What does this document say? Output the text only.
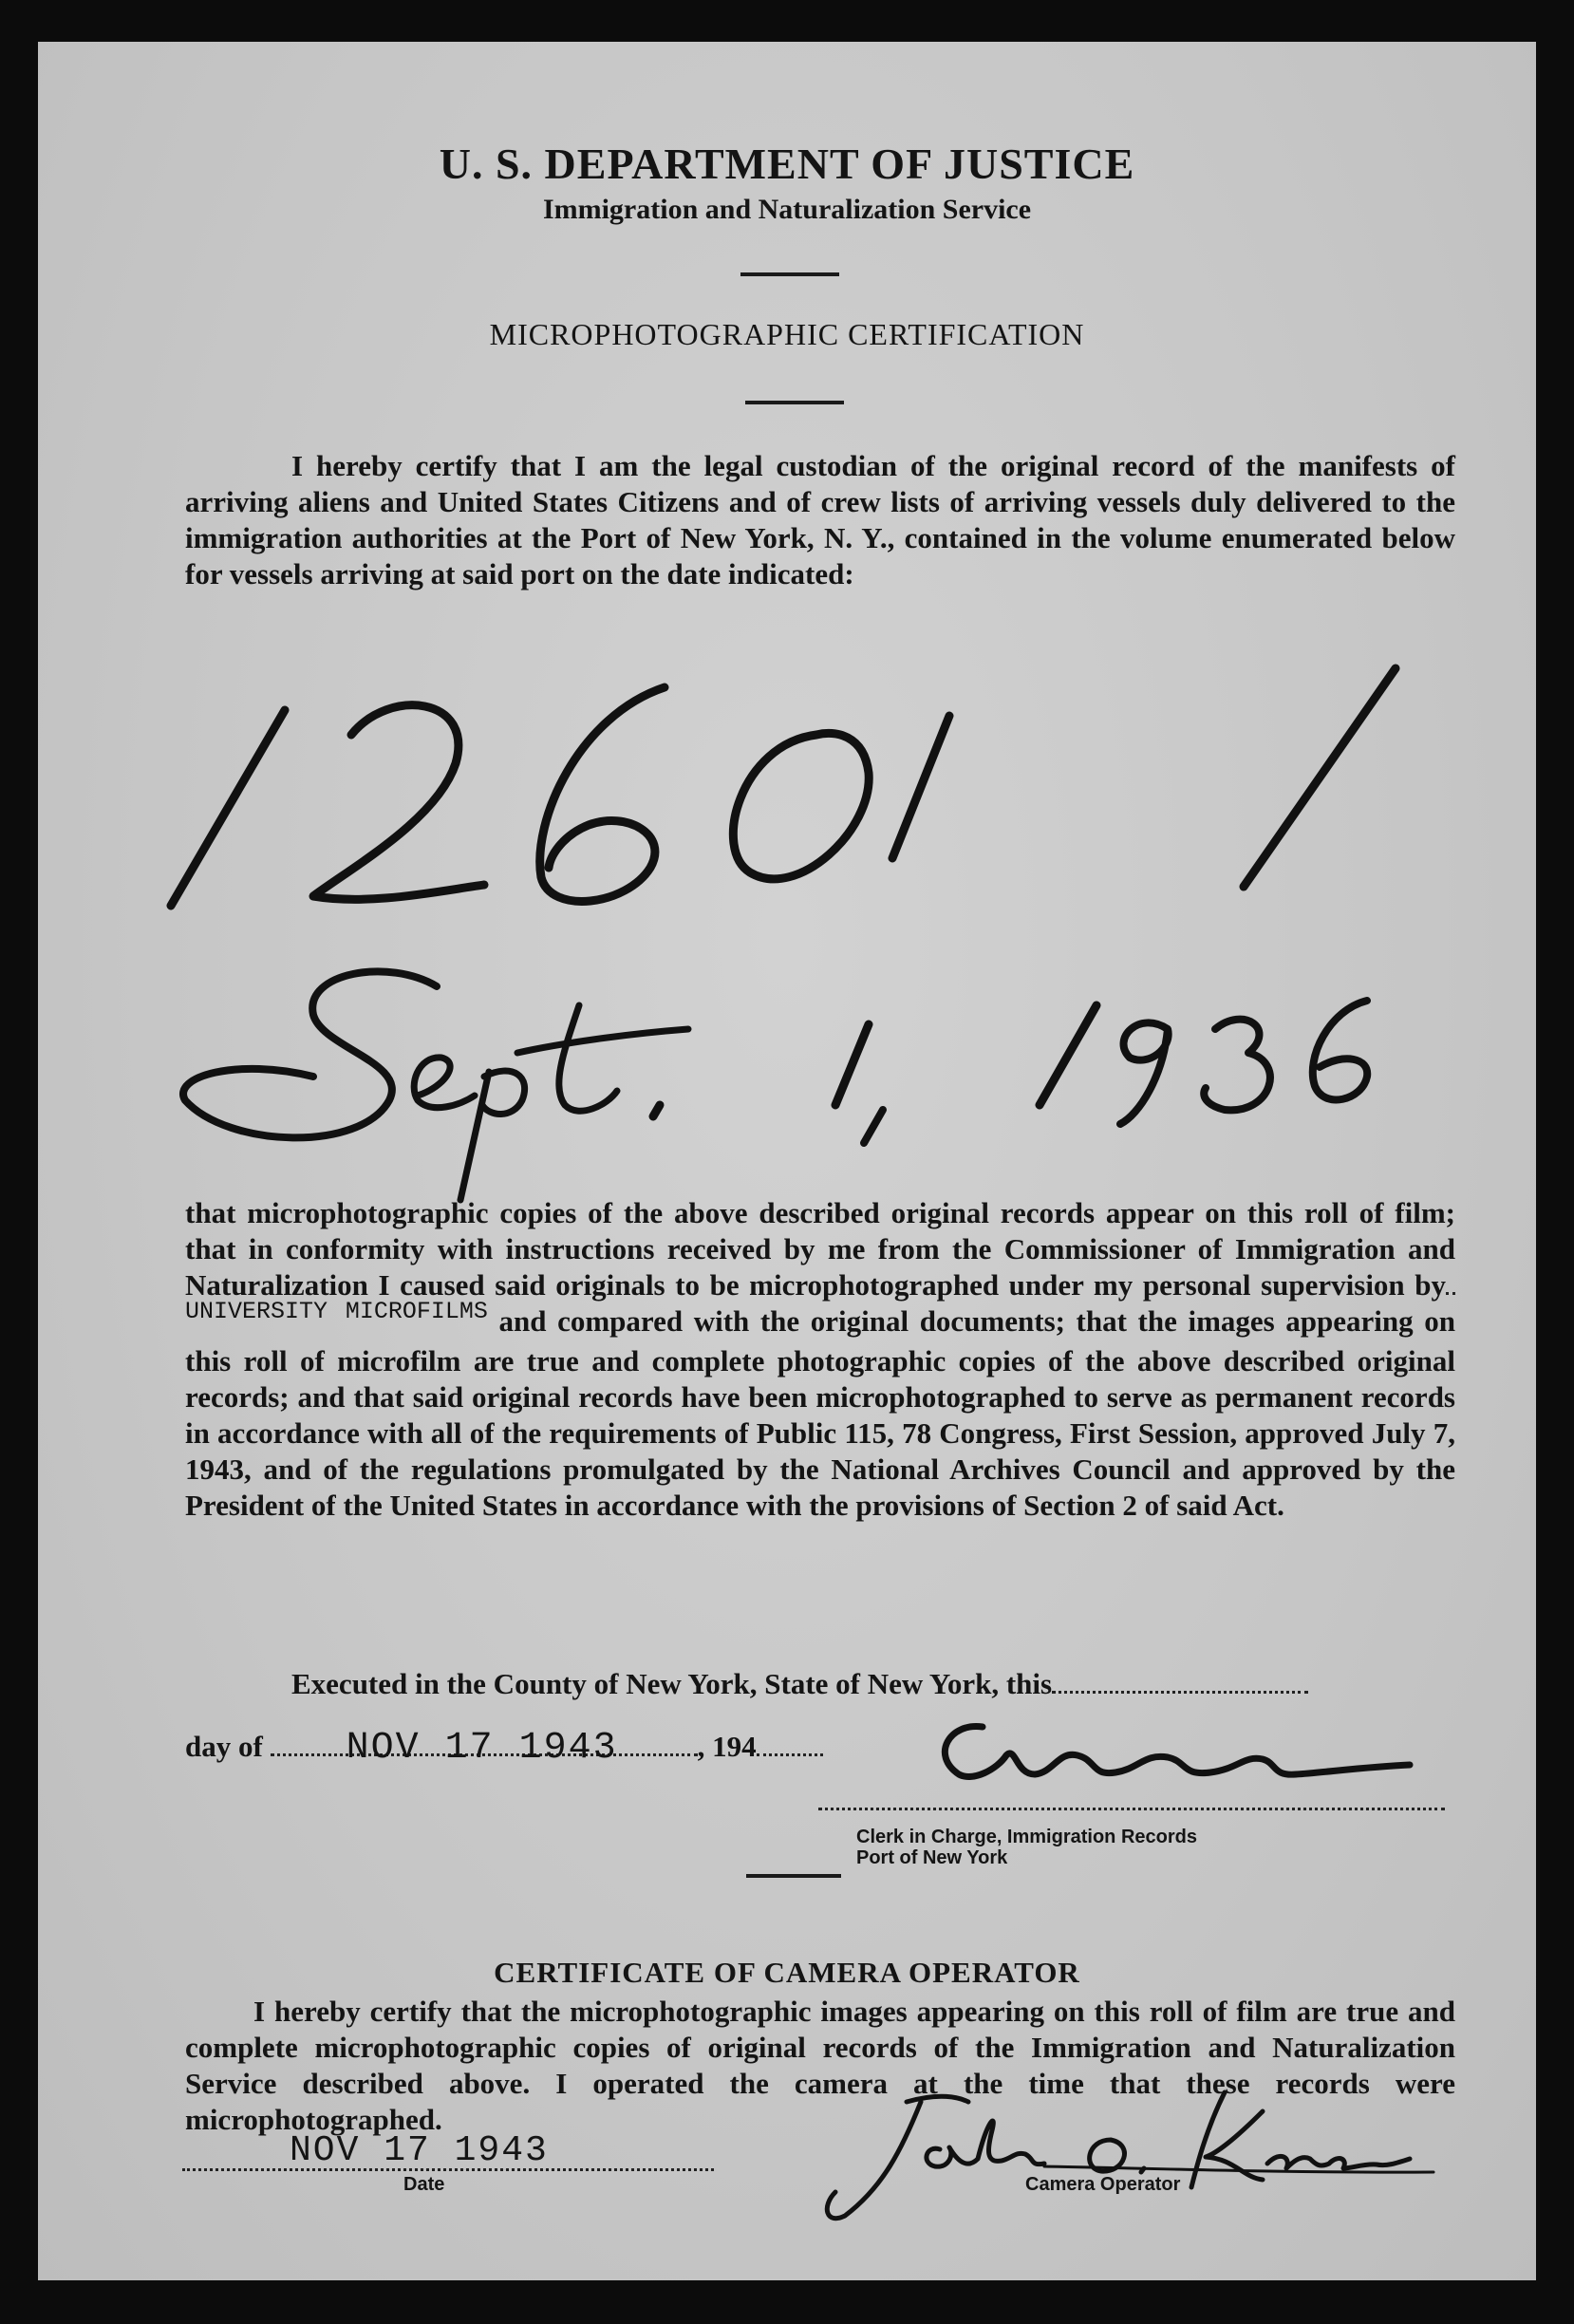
U. S. DEPARTMENT OF JUSTICE
Immigration and Naturalization Service
MICROPHOTOGRAPHIC CERTIFICATION
I hereby certify that I am the legal custodian of the original record of the manifests of arriving aliens and United States Citizens and of crew lists of arriving vessels duly delivered to the immigration authorities at the Port of New York, N. Y., contained in the volume enumerated below for vessels arriving at said port on the date indicated:
that microphotographic copies of the above described original records appear on this roll of film; that in conformity with instructions received by me from the Commissioner of Immigration and Naturalization I caused said originals to be microphotographed under my personal supervision by $^{UNIVERSITY MICROFILMS}$ and compared with the original documents; that the images appearing on this roll of microfilm are true and complete photographic copies of the above described original records; and that said original records have been microphotographed to serve as permanent records in accordance with all of the requirements of Public 115, 78 Congress, First Session, approved July 7, 1943, and of the regulations promulgated by the National Archives Council and approved by the President of the United States in accordance with the provisions of Section 2 of said Act.
Executed in the County of New York, State of New York, this
day of NOV 17 1943	, 194
Clerk in Charge, Immigration Records
Port of New York
CERTIFICATE OF CAMERA OPERATOR
I hereby certify that the microphotographic images appearing on this roll of film are true and complete microphotographic copies of original records of the Immigration and Naturalization Service described above. I operated the camera at the time that these records were microphotographed.
NOV 17 1943
Date	Camera Operator
